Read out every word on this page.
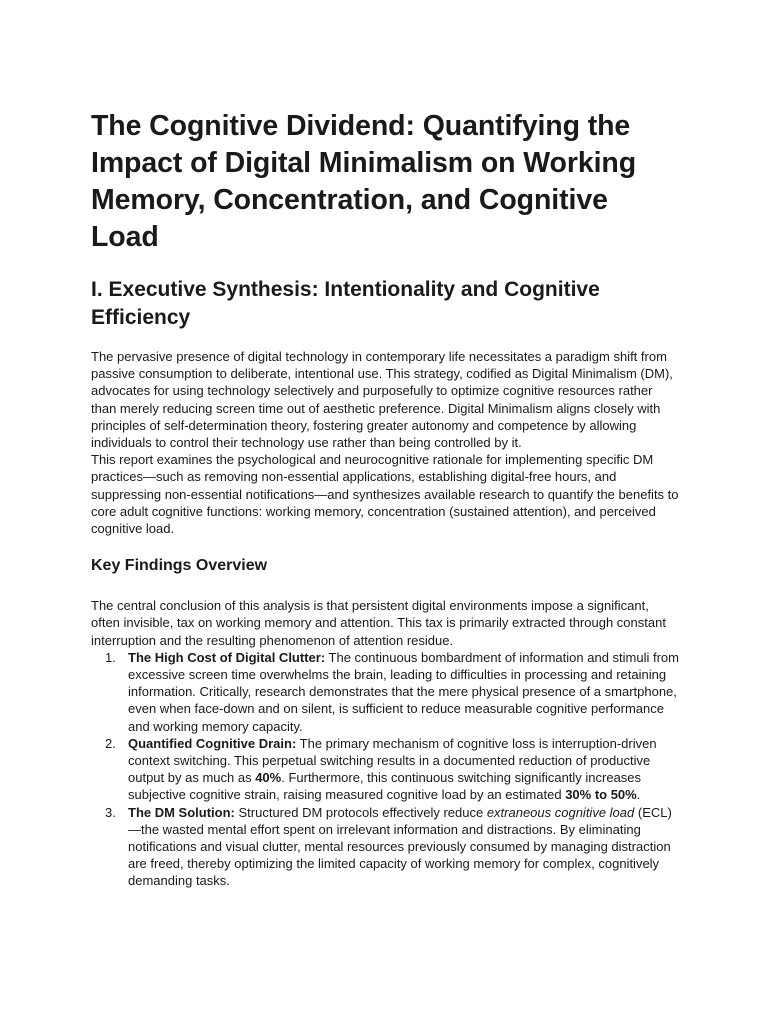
The Cognitive Dividend: Quantifying the Impact of Digital Minimalism on Working Memory, Concentration, and Cognitive Load
I. Executive Synthesis: Intentionality and Cognitive Efficiency

The pervasive presence of digital technology in contemporary life necessitates a paradigm shift from passive consumption to deliberate, intentional use. This strategy, codified as Digital Minimalism (DM), advocates for using technology selectively and purposefully to optimize cognitive resources rather than merely reducing screen time out of aesthetic preference. Digital Minimalism aligns closely with principles of self-determination theory, fostering greater autonomy and competence by allowing individuals to control their technology use rather than being controlled by it.

This report examines the psychological and neurocognitive rationale for implementing specific DM practices—such as removing non-essential applications, establishing digital-free hours, and suppressing non-essential notifications—and synthesizes available research to quantify the benefits to core adult cognitive functions: working memory, concentration (sustained attention), and perceived cognitive load.

Key Findings Overview

The central conclusion of this analysis is that persistent digital environments impose a significant, often invisible, tax on working memory and attention. This tax is primarily extracted through constant interruption and the resulting phenomenon of attention residue.

1. The High Cost of Digital Clutter: The continuous bombardment of information and stimuli from excessive screen time overwhelms the brain, leading to difficulties in processing and retaining information. Critically, research demonstrates that the mere physical presence of a smartphone, even when face-down and on silent, is sufficient to reduce measurable cognitive performance and working memory capacity.
2. Quantified Cognitive Drain: The primary mechanism of cognitive loss is interruption-driven context switching. This perpetual switching results in a documented reduction of productive output by as much as 40%. Furthermore, this continuous switching significantly increases subjective cognitive strain, raising measured cognitive load by an estimated 30% to 50%.
3. The DM Solution: Structured DM protocols effectively reduce extraneous cognitive load (ECL)—the wasted mental effort spent on irrelevant information and distractions. By eliminating notifications and visual clutter, mental resources previously consumed by managing distraction are freed, thereby optimizing the limited capacity of working memory for complex, cognitively demanding tasks.
